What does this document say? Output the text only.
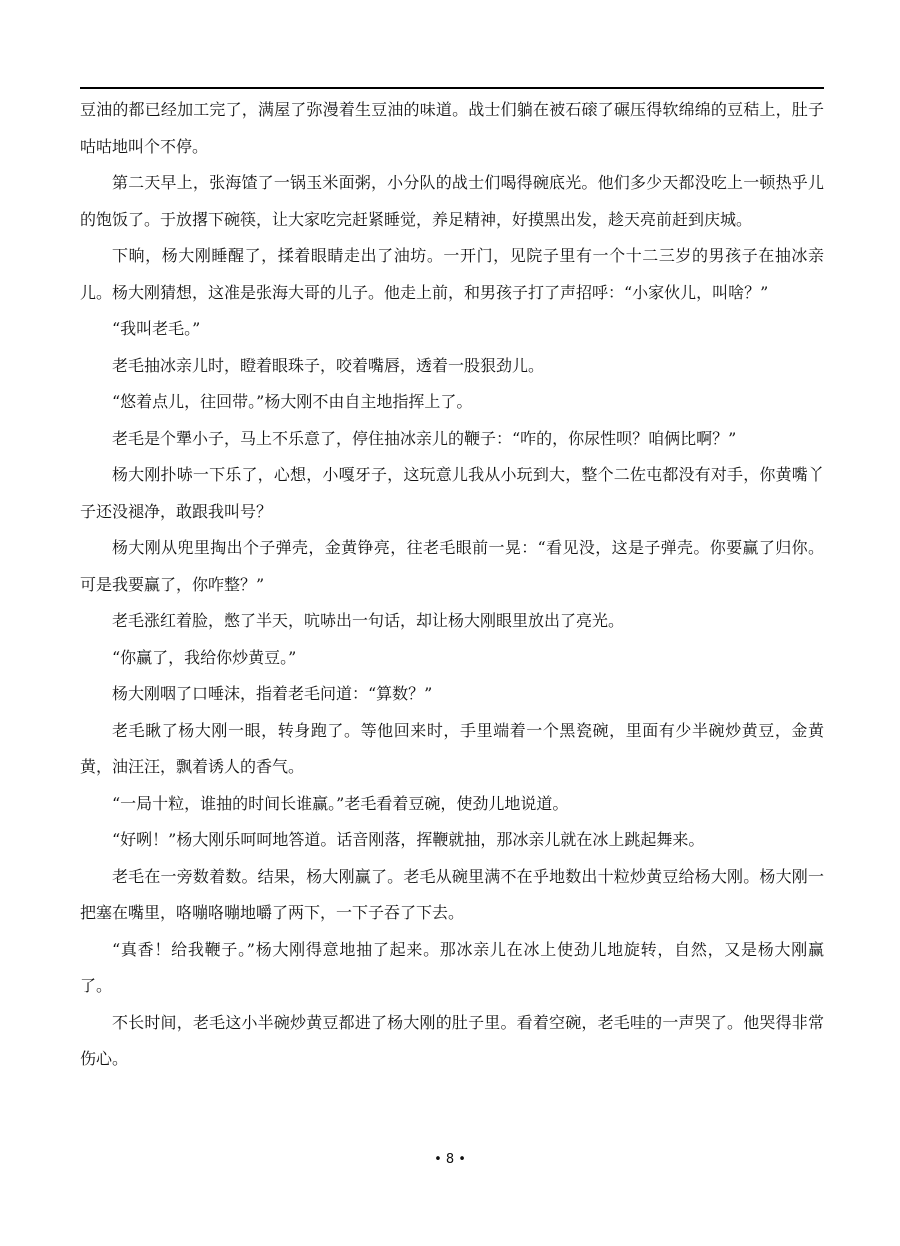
豆油的都已经加工完了，满屋了弥漫着生豆油的味道。战士们躺在被石磙了碾压得软绵绵的豆秸上，肚子咕咕地叫个不停。

第二天早上，张海馇了一锅玉米面粥，小分队的战士们喝得碗底光。他们多少天都没吃上一顿热乎儿的饱饭了。于放撂下碗筷，让大家吃完赶紧睡觉，养足精神，好摸黑出发，趁天亮前赶到庆城。

下晌，杨大刚睡醒了，揉着眼睛走出了油坊。一开门，见院子里有一个十二三岁的男孩子在抽冰亲儿。杨大刚猜想，这准是张海大哥的儿子。他走上前，和男孩子打了声招呼：“小家伙儿，叫啥？”

“我叫老毛。”

老毛抽冰亲儿时，瞪着眼珠子，咬着嘴唇，透着一股狠劲儿。

“悠着点儿，往回带。”杨大刚不由自主地指挥上了。

老毛是个犟小子，马上不乐意了，停住抽冰亲儿的鞭子：“咋的，你尿性呗？咱俩比啊？”

杨大刚扑哧一下乐了，心想，小嘎牙子，这玩意儿我从小玩到大，整个二佐屯都没有对手，你黄嘴丫子还没褪净，敢跟我叫号？

杨大刚从兜里掏出个子弹壳，金黄铮亮，往老毛眼前一晃：“看见没，这是子弹壳。你要赢了归你。可是我要赢了，你咋整？”

老毛涨红着脸，憋了半天，吭哧出一句话，却让杨大刚眼里放出了亮光。

“你赢了，我给你炒黄豆。”

杨大刚咽了口唾沫，指着老毛问道：“算数？”

老毛瞅了杨大刚一眼，转身跑了。等他回来时，手里端着一个黑瓷碗，里面有少半碗炒黄豆，金黄黄，油汪汪，飘着诱人的香气。

“一局十粒，谁抽的时间长谁赢。”老毛看着豆碗，使劲儿地说道。

“好咧！”杨大刚乐呵呵地答道。话音刚落，挥鞭就抽，那冰亲儿就在冰上跳起舞来。

老毛在一旁数着数。结果，杨大刚赢了。老毛从碗里满不在乎地数出十粒炒黄豆给杨大刚。杨大刚一把塞在嘴里，咯嘣咯嘣地嚼了两下，一下子吞了下去。

“真香！给我鞭子。”杨大刚得意地抽了起来。那冰亲儿在冰上使劲儿地旋转，自然，又是杨大刚赢了。

不长时间，老毛这小半碗炒黄豆都进了杨大刚的肚子里。看着空碗，老毛哇的一声哭了。他哭得非常伤心。

• 8 •
